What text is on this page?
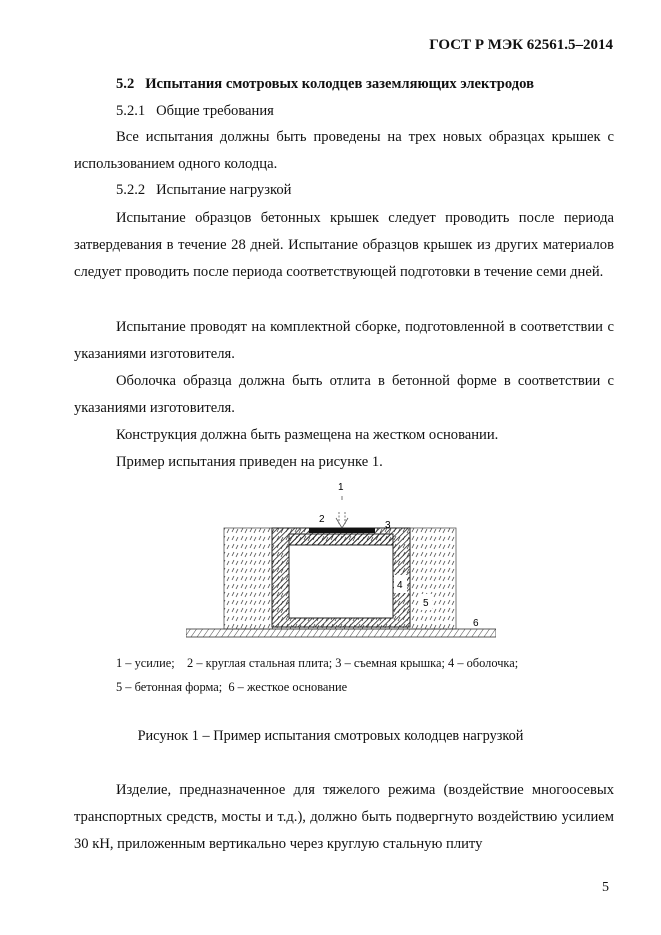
ГОСТ Р МЭК 62561.5–2014
5.2 Испытания смотровых колодцев заземляющих электродов
5.2.1 Общие требования

Все испытания должны быть проведены на трех новых образцах крышек с использованием одного колодца.

5.2.2 Испытание нагрузкой

Испытание образцов бетонных крышек следует проводить после периода затвердевания в течение 28 дней. Испытание образцов крышек из других материалов следует проводить после периода соответствующей подготовки в течение семи дней.

Испытание проводят на комплектной сборке, подготовленной в соответствии с указаниями изготовителя.

Оболочка образца должна быть отлита в бетонной форме в соответствии с указаниями изготовителя.

Конструкция должна быть размещена на жестком основании.

Пример испытания приведен на рисунке 1.

1
2
3
4
5
6
1 – усилие;    2 – круглая стальная плита; 3 – съемная крышка; 4 – оболочка;
5 – бетонная форма;  6 – жесткое основание
Рисунок 1 – Пример испытания смотровых колодцев нагрузкой

Изделие, предназначенное для тяжелого режима (воздействие многоосевых транспортных средств, мосты и т.д.), должно быть подвергнуто воздействию усилием 30 кН, приложенным вертикально через круглую стальную плиту

5
